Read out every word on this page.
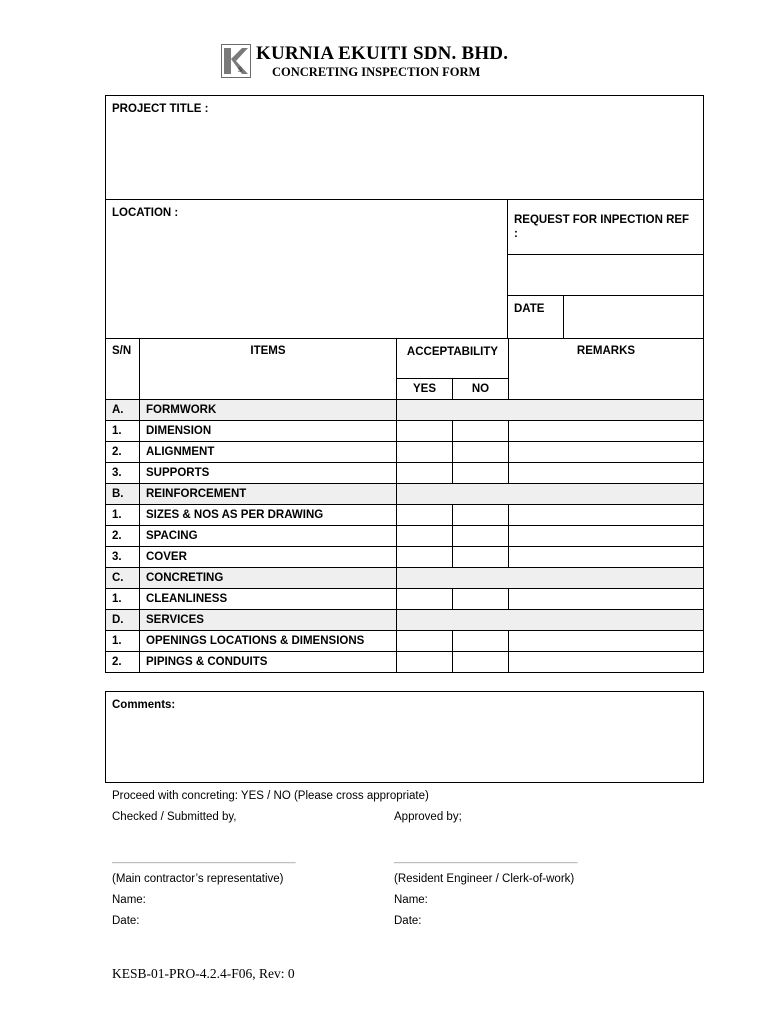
s
KURNIA EKUITI SDN. BHD.
CONCRETING INSPECTION FORM
PROJECT TITLE :
LOCATION :
REQUEST FOR INPECTION REF :
DATE
S/N	ITEMS	ACCEPTABILITY		REMARKS
		YES	NO	
A.	FORMWORK			
1.	DIMENSION			
2.	ALIGNMENT			
3.	SUPPORTS			
B.	REINFORCEMENT			
1.	SIZES & NOS AS PER DRAWING			
2.	SPACING			
3.	COVER			
C.	CONCRETING			
1.	CLEANLINESS			
D.	SERVICES			
1.	OPENINGS LOCATIONS & DIMENSIONS			
2.	PIPINGS & CONDUITS			
Comments:
Proceed with concreting: YES / NO (Please cross appropriate)
Checked / Submitted by,	Approved by;
_________________________________	_________________________________
(Main contractor’s representative)	(Resident Engineer / Clerk-of-work)
Name:	Name:
Date:	Date:
KESB-01-PRO-4.2.4-F06, Rev: 0
